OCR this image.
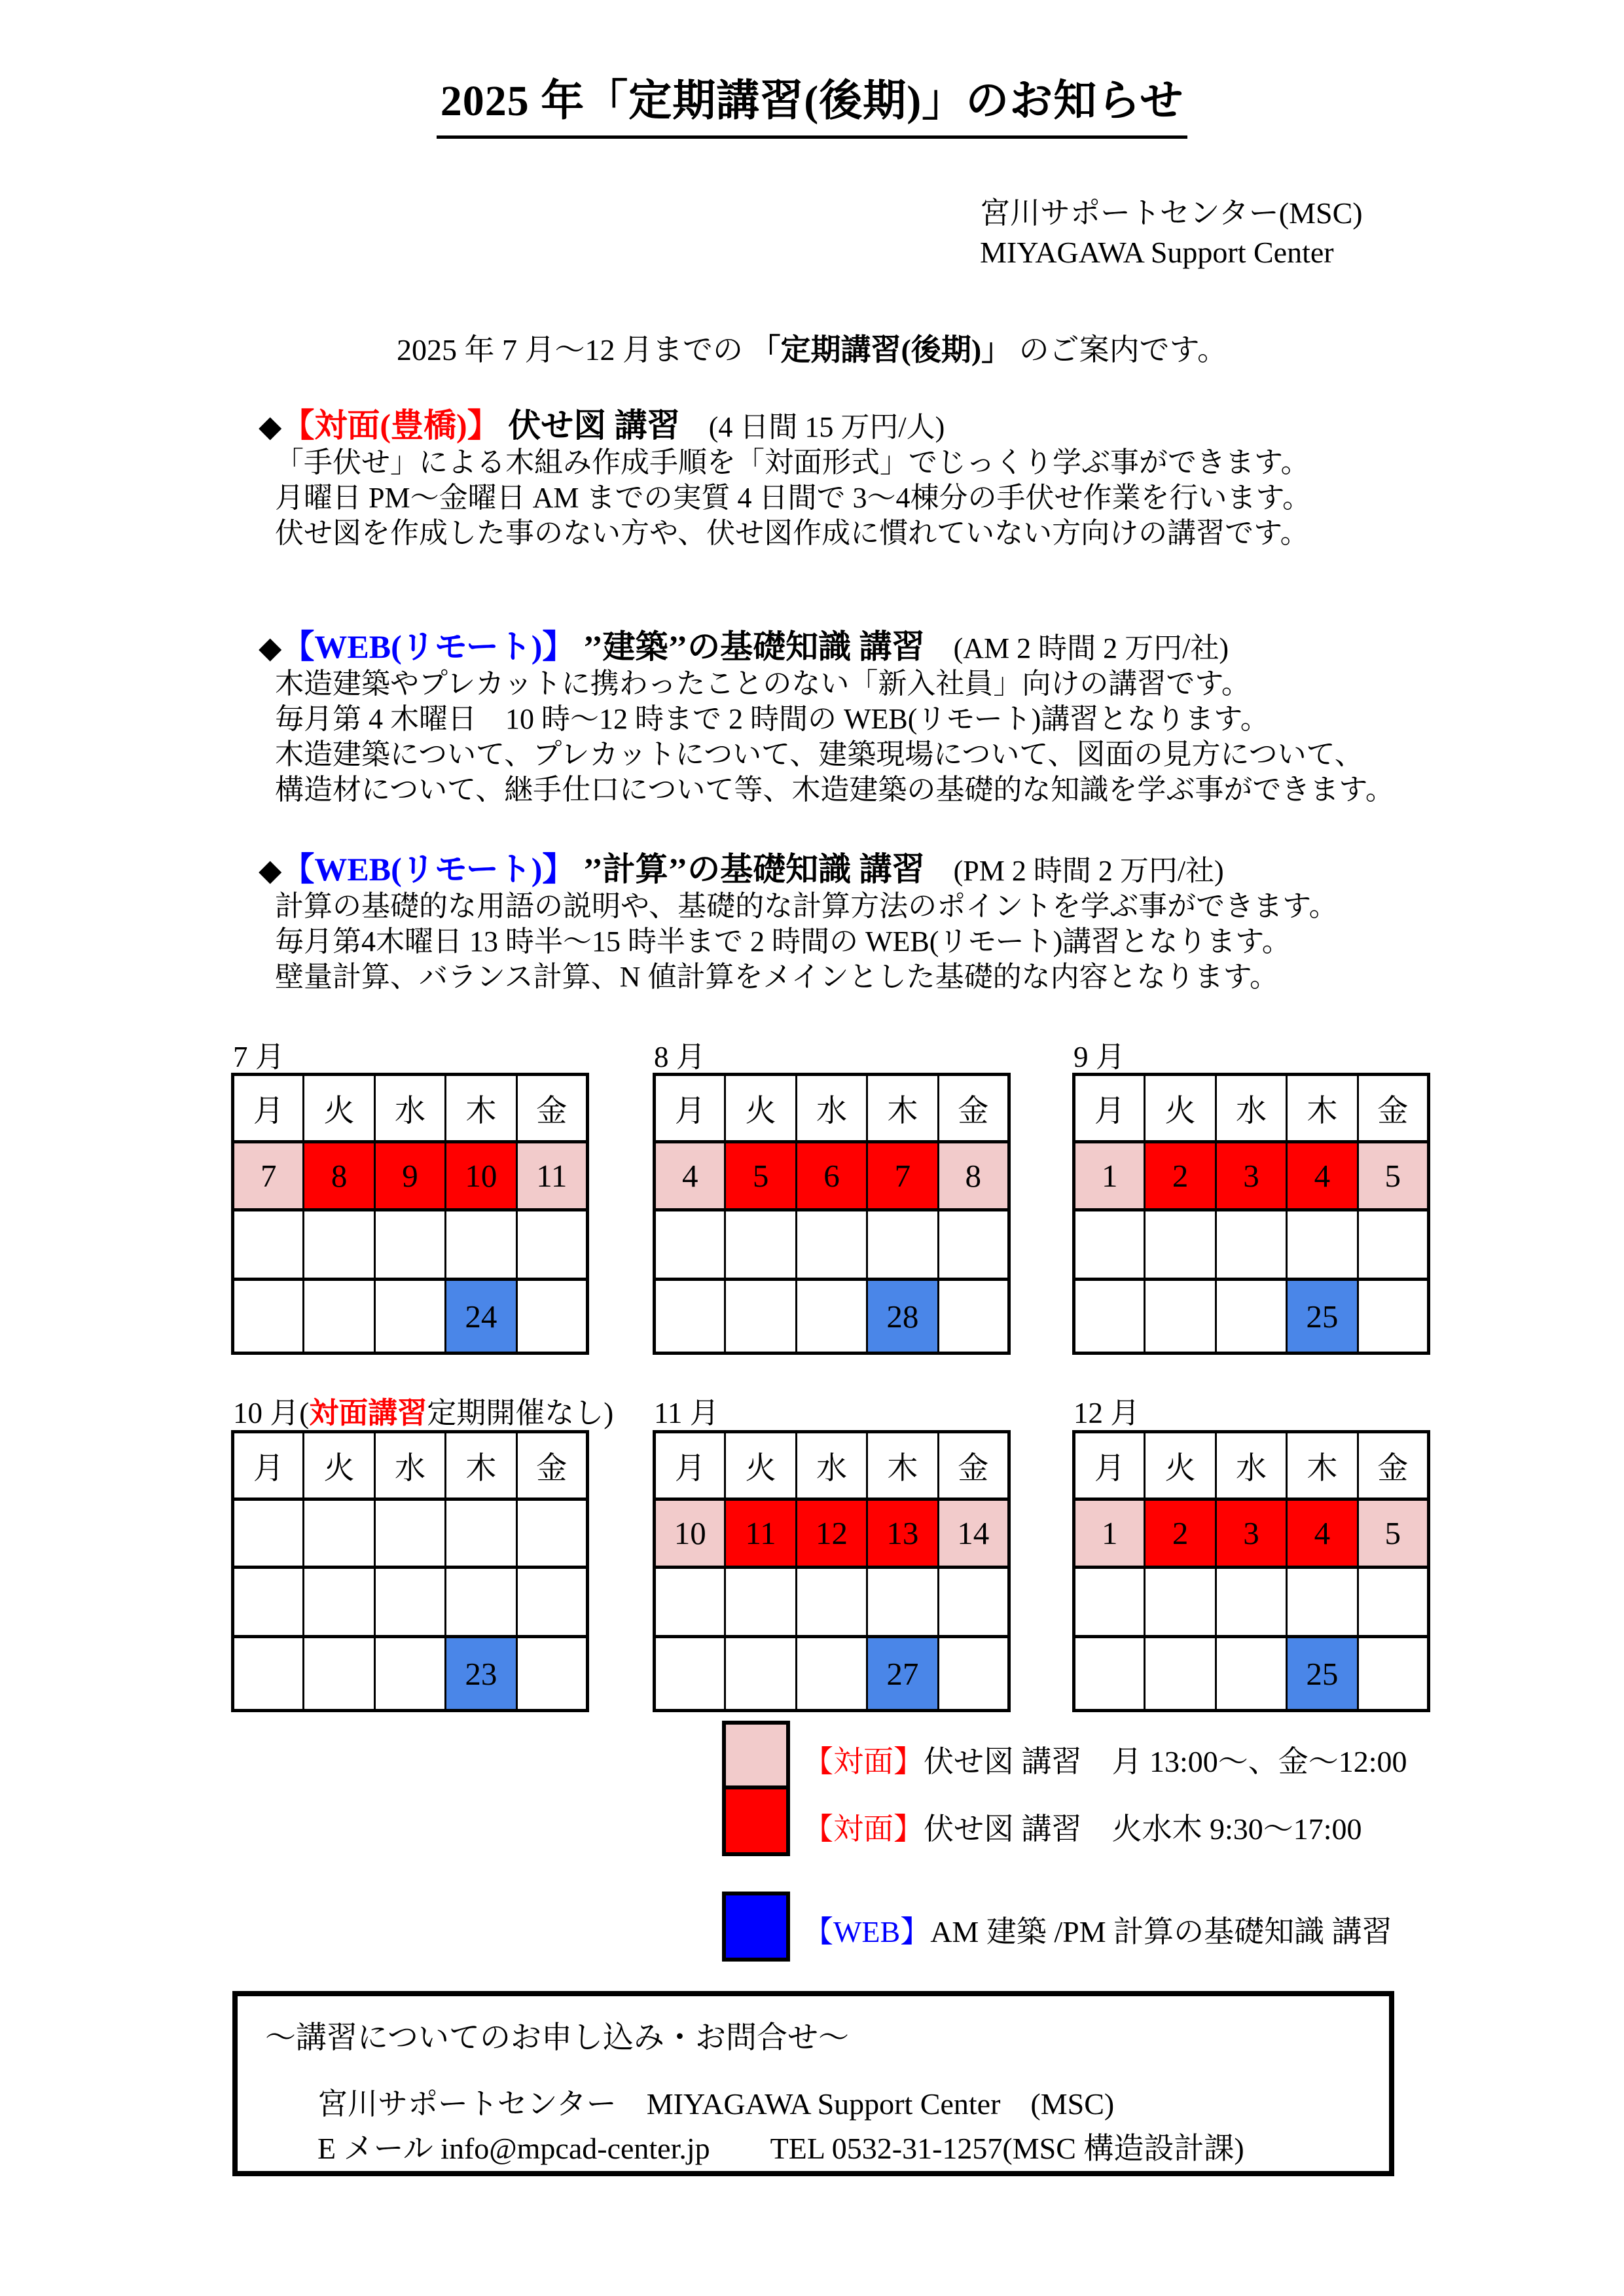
2025 年「定期講習(後期)」のお知らせ
宮川サポートセンター(MSC)
MIYAGAWA Support Center
2025 年 7 月～12 月までの 「定期講習(後期)」 のご案内です。
◆【対面(豊橋)】 伏せ図 講習　(4 日間 15 万円/人)
「手伏せ」による木組み作成手順を「対面形式」でじっくり学ぶ事ができます。
月曜日 PM～金曜日 AM までの実質 4 日間で 3～4棟分の手伏せ作業を行います。
伏せ図を作成した事のない方や、伏せ図作成に慣れていない方向けの講習です。
◆【WEB(リモート)】 ’’建築’’の基礎知識 講習　(AM 2 時間 2 万円/社)
木造建築やプレカットに携わったことのない「新入社員」向けの講習です。
毎月第 4 木曜日　10 時～12 時まで 2 時間の WEB(リモート)講習となります。
木造建築について、プレカットについて、建築現場について、図面の見方について、
構造材について、継手仕口について等、木造建築の基礎的な知識を学ぶ事ができます。
◆【WEB(リモート)】 ’’計算’’の基礎知識 講習　(PM 2 時間 2 万円/社)
計算の基礎的な用語の説明や、基礎的な計算方法のポイントを学ぶ事ができます。
毎月第4木曜日 13 時半～15 時半まで 2 時間の WEB(リモート)講習となります。
壁量計算、バランス計算、N 値計算をメインとした基礎的な内容となります。
7 月	8 月	9 月
月	火	水	木	金
7	8	9	10	11

			24	
月	火	水	木	金
4	5	6	7	8

			28	
月	火	水	木	金
1	2	3	4	5

			25	
10 月(対面講習定期開催なし) 11 月	12 月
月	火	水	木	金

			23	
月	火	水	木	金
10	11	12	13	14

			27	
月	火	水	木	金
1	2	3	4	5

			25	
【対面】伏せ図 講習　月 13:00～、金～12:00
【対面】伏せ図 講習　火水木 9:30～17:00
【WEB】AM 建築 /PM 計算の基礎知識 講習
～講習についてのお申し込み・お問合せ～
宮川サポートセンター　MIYAGAWA Support Center　(MSC)
E メール info@mpcad-center.jp　　TEL 0532-31-1257(MSC 構造設計課)
